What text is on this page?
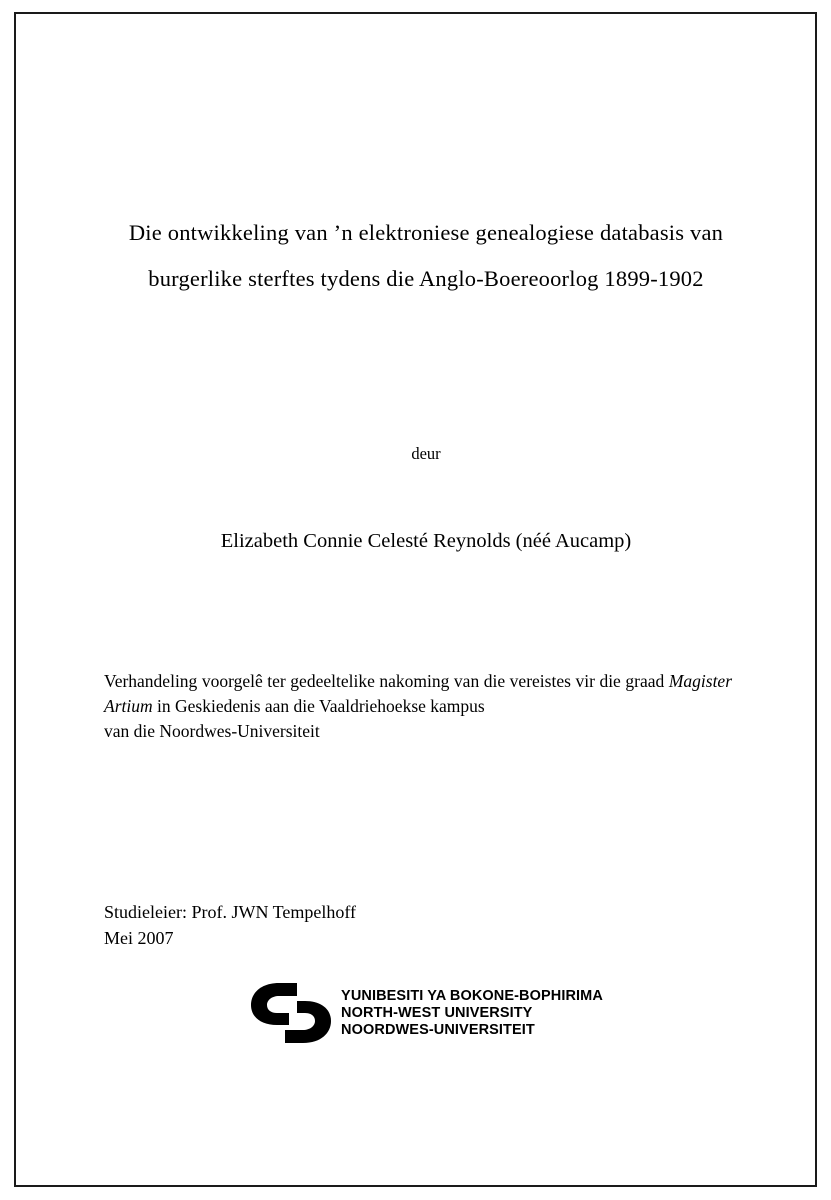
Die ontwikkeling van ’n elektroniese genealogiese databasis van
burgerlike sterftes tydens die Anglo-Boereoorlog 1899-1902
deur
Elizabeth Connie Celesté Reynolds (néé Aucamp)
Verhandeling voorgelê ter gedeeltelike nakoming van die vereistes vir die graad Magister Artium in Geskiedenis aan die Vaaldriehoekse kampus
van die Noordwes-Universiteit
Studieleier: Prof. JWN Tempelhoff
Mei 2007
YUNIBESITI YA BOKONE-BOPHIRIMA
NORTH-WEST UNIVERSITY
NOORDWES-UNIVERSITEIT
